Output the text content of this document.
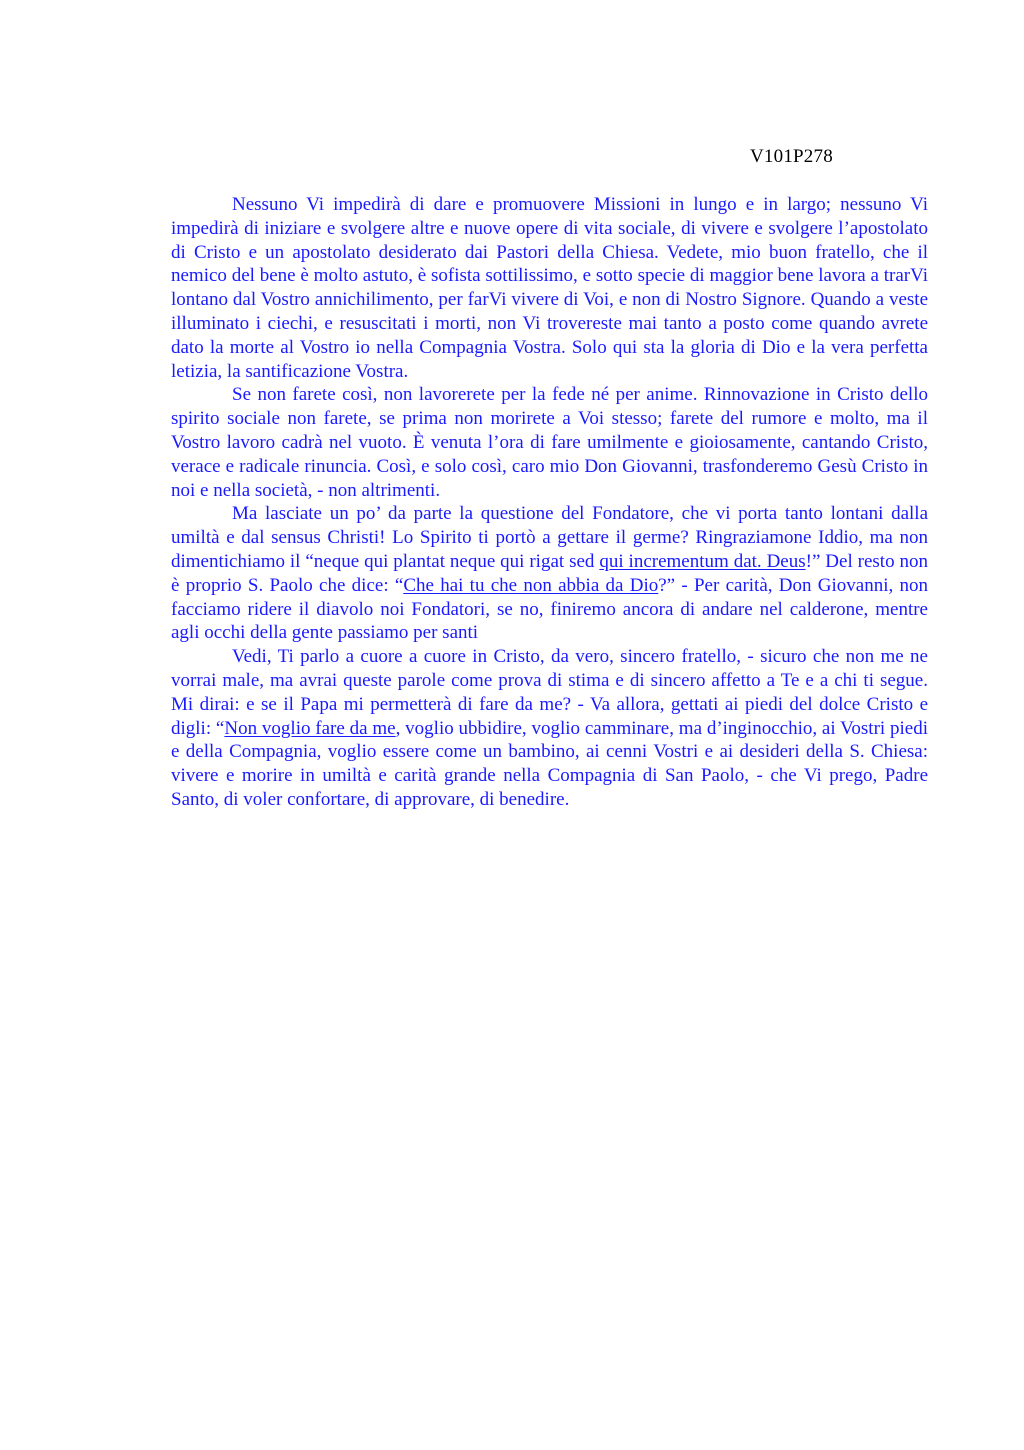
V101P278

Nessuno Vi impedirà di dare e promuovere Missioni in lungo e in largo; nessuno Vi impedirà di iniziare e svolgere altre e nuove opere di vita sociale, di vivere e svolgere l’apostolato di Cristo e un apostolato desiderato dai Pastori della Chiesa. Vedete, mio buon fratello, che il nemico del bene è molto astuto, è sofista sottilissimo, e sotto specie di maggior bene lavora a trarVi lontano dal Vostro annichilimento, per farVi vivere di Voi, e non di Nostro Signore. Quando a veste illuminato i ciechi, e resuscitati i morti, non Vi trovereste mai tanto a posto come quando avrete dato la morte al Vostro io nella Compagnia Vostra. Solo qui sta la gloria di Dio e la vera perfetta letizia, la santificazione Vostra.

Se non farete così, non lavorerete per la fede né per anime. Rinnovazione in Cristo dello spirito sociale non farete, se prima non morirete a Voi stesso; farete del rumore e molto, ma il Vostro lavoro cadrà nel vuoto. È venuta l’ora di fare umilmente e gioiosamente, cantando Cristo, verace e radicale rinuncia. Così, e solo così, caro mio Don Giovanni, trasfonderemo Gesù Cristo in noi e nella società, - non altrimenti.

Ma lasciate un po’ da parte la questione del Fondatore, che vi porta tanto lontani dalla umiltà e dal sensus Christi! Lo Spirito ti portò a gettare il germe? Ringraziamone Iddio, ma non dimentichiamo il “neque qui plantat neque qui rigat sed qui incrementum dat. Deus!” Del resto non è proprio S. Paolo che dice: “Che hai tu che non abbia da Dio?” - Per carità, Don Giovanni, non facciamo ridere il diavolo noi Fondatori, se no, finiremo ancora di andare nel calderone, mentre agli occhi della gente passiamo per santi

Vedi, Ti parlo a cuore a cuore in Cristo, da vero, sincero fratello, - sicuro che non me ne vorrai male, ma avrai queste parole come prova di stima e di sincero affetto a Te e a chi ti segue. Mi dirai: e se il Papa mi permetterà di fare da me? - Va allora, gettati ai piedi del dolce Cristo e digli: “Non voglio fare da me, voglio ubbidire, voglio camminare, ma d’inginocchio, ai Vostri piedi e della Compagnia, voglio essere come un bambino, ai cenni Vostri e ai desideri della S. Chiesa: vivere e morire in umiltà e carità grande nella Compagnia di San Paolo, - che Vi prego, Padre Santo, di voler confortare, di approvare, di benedire.
